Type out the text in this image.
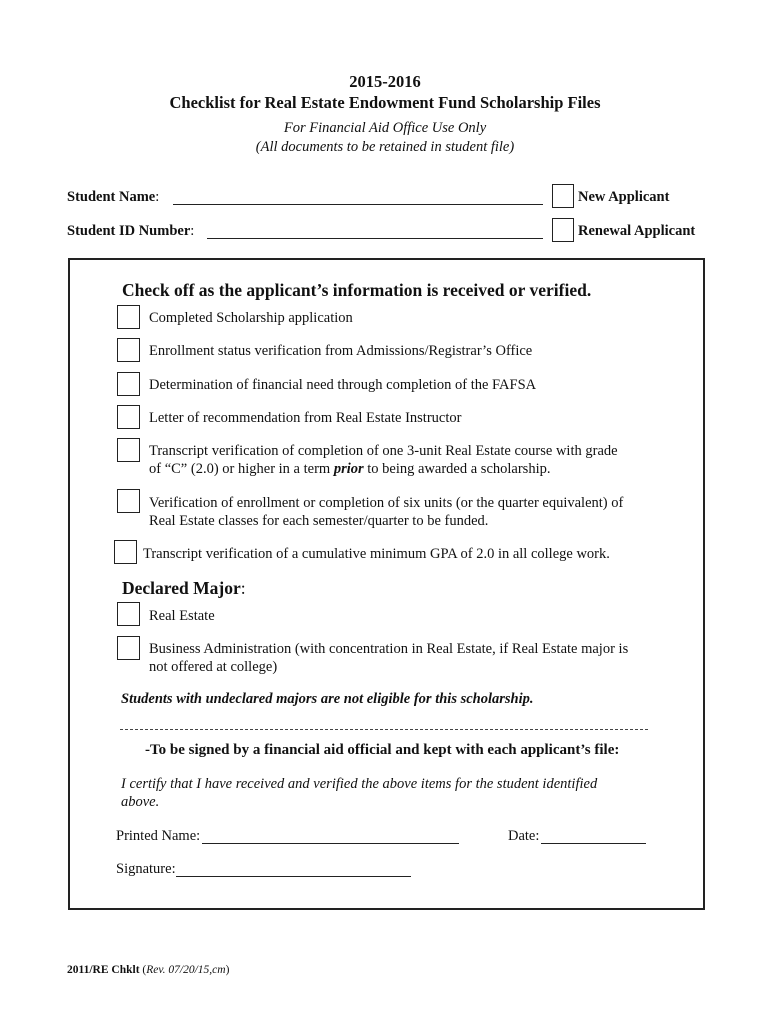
2015-2016
Checklist for Real Estate Endowment Fund Scholarship Files
For Financial Aid Office Use Only
(All documents to be retained in student file)
Student Name:
Student ID Number:
New Applicant
Renewal Applicant
Check off as the applicant’s information is received or verified.
Completed Scholarship application
Enrollment status verification from Admissions/Registrar’s Office
Determination of financial need through completion of the FAFSA
Letter of recommendation from Real Estate Instructor
Transcript verification of completion of one 3-unit Real Estate course with grade
of “C” (2.0) or higher in a term prior to being awarded a scholarship.
Verification of enrollment or completion of six units (or the quarter equivalent) of
Real Estate classes for each semester/quarter to be funded.
Transcript verification of a cumulative minimum GPA of 2.0 in all college work.
Declared Major:
Real Estate
Business Administration (with concentration in Real Estate, if Real Estate major is
not offered at college)
Students with undeclared majors are not eligible for this scholarship.
-To be signed by a financial aid official and kept with each applicant’s file:
I certify that I have received and verified the above items for the student identified
above.
Printed Name:	Date:
Signature:
2011/RE Chklt (Rev. 07/20/15,cm)
